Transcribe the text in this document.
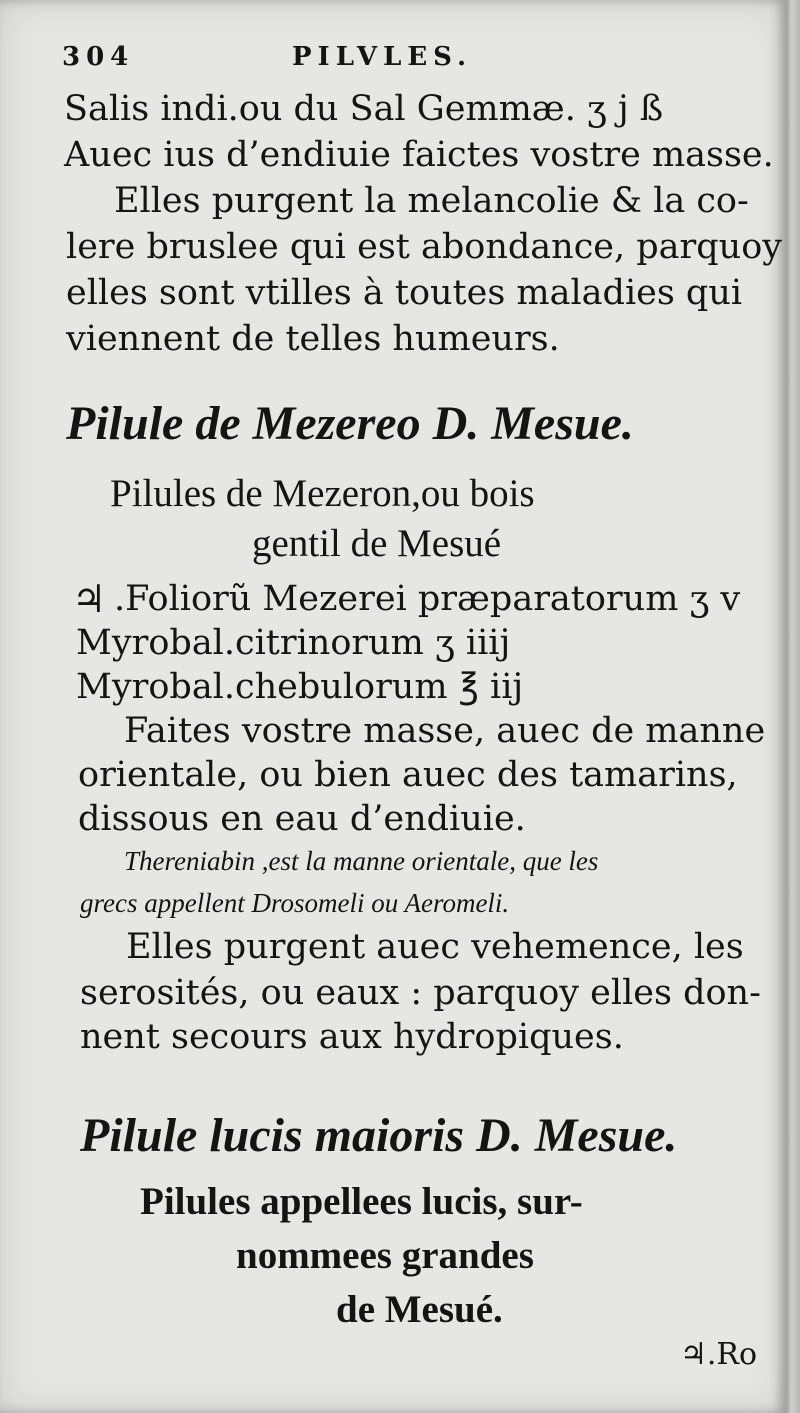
304	PILVLES.
Salis indi.ou du Sal Gemmæ. ʒ j ß
Auec ius d’endiuie faictes vostre masse.
Elles purgent la melancolie & la co-
lere bruslee qui est abondance, parquoy
elles sont vtilles à toutes maladies qui
viennent de telles humeurs.
Pilule de Mezereo D. Mesue.
Pilules de Mezeron,ou bois
gentil de Mesué
♃ .Foliorũ Mezerei præparatorum ʒ v
Myrobal.citrinorum ʒ iiij
Myrobal.chebulorum ℥ iij
Faites vostre masse, auec de manne
orientale, ou bien auec des tamarins,
dissous en eau d’endiuie.
Thereniabin ,est la manne orientale, que les
grecs appellent Drosomeli ou Aeromeli.
Elles purgent auec vehemence, les
serosités, ou eaux : parquoy elles don-
nent secours aux hydropiques.
Pilule lucis maioris D. Mesue.
Pilules appellees lucis, sur-
nommees grandes
de Mesué.
♃.Ro
